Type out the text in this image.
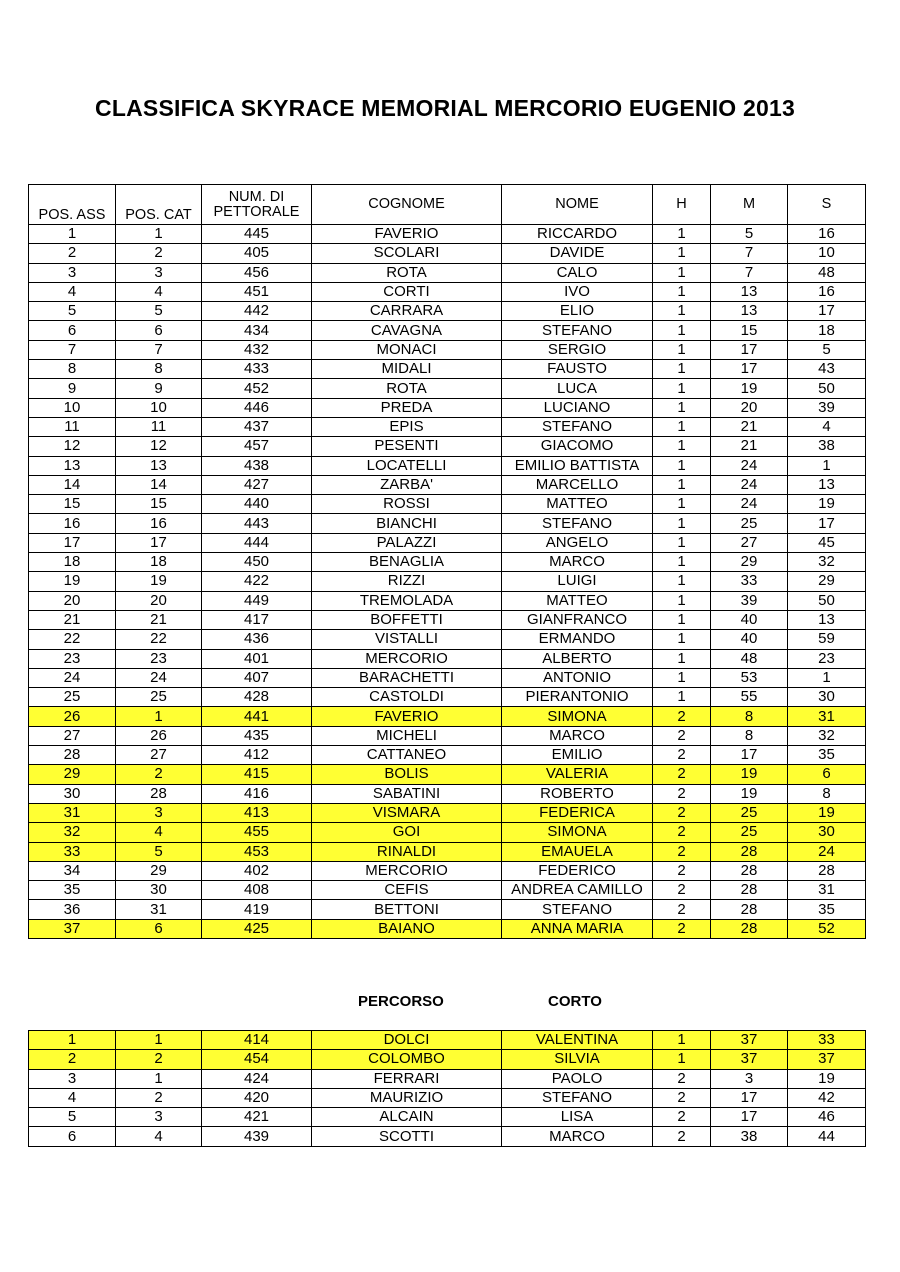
CLASSIFICA SKYRACE MEMORIAL MERCORIO EUGENIO 2013
POS. ASS	POS. CAT	NUM. DI PETTORALE	COGNOME	NOME	H	M	S
1	1	445	FAVERIO	RICCARDO	1	5	16
2	2	405	SCOLARI	DAVIDE	1	7	10
3	3	456	ROTA	CALO	1	7	48
4	4	451	CORTI	IVO	1	13	16
5	5	442	CARRARA	ELIO	1	13	17
6	6	434	CAVAGNA	STEFANO	1	15	18
7	7	432	MONACI	SERGIO	1	17	5
8	8	433	MIDALI	FAUSTO	1	17	43
9	9	452	ROTA	LUCA	1	19	50
10	10	446	PREDA	LUCIANO	1	20	39
11	11	437	EPIS	STEFANO	1	21	4
12	12	457	PESENTI	GIACOMO	1	21	38
13	13	438	LOCATELLI	EMILIO BATTISTA	1	24	1
14	14	427	ZARBA'	MARCELLO	1	24	13
15	15	440	ROSSI	MATTEO	1	24	19
16	16	443	BIANCHI	STEFANO	1	25	17
17	17	444	PALAZZI	ANGELO	1	27	45
18	18	450	BENAGLIA	MARCO	1	29	32
19	19	422	RIZZI	LUIGI	1	33	29
20	20	449	TREMOLADA	MATTEO	1	39	50
21	21	417	BOFFETTI	GIANFRANCO	1	40	13
22	22	436	VISTALLI	ERMANDO	1	40	59
23	23	401	MERCORIO	ALBERTO	1	48	23
24	24	407	BARACHETTI	ANTONIO	1	53	1
25	25	428	CASTOLDI	PIERANTONIO	1	55	30
26	1	441	FAVERIO	SIMONA	2	8	31
27	26	435	MICHELI	MARCO	2	8	32
28	27	412	CATTANEO	EMILIO	2	17	35
29	2	415	BOLIS	VALERIA	2	19	6
30	28	416	SABATINI	ROBERTO	2	19	8
31	3	413	VISMARA	FEDERICA	2	25	19
32	4	455	GOI	SIMONA	2	25	30
33	5	453	RINALDI	EMAUELA	2	28	24
34	29	402	MERCORIO	FEDERICO	2	28	28
35	30	408	CEFIS	ANDREA CAMILLO	2	28	31
36	31	419	BETTONI	STEFANO	2	28	35
37	6	425	BAIANO	ANNA MARIA	2	28	52
PERCORSO	CORTO
1	1	414	DOLCI	VALENTINA	1	37	33
2	2	454	COLOMBO	SILVIA	1	37	37
3	1	424	FERRARI	PAOLO	2	3	19
4	2	420	MAURIZIO	STEFANO	2	17	42
5	3	421	ALCAIN	LISA	2	17	46
6	4	439	SCOTTI	MARCO	2	38	44
